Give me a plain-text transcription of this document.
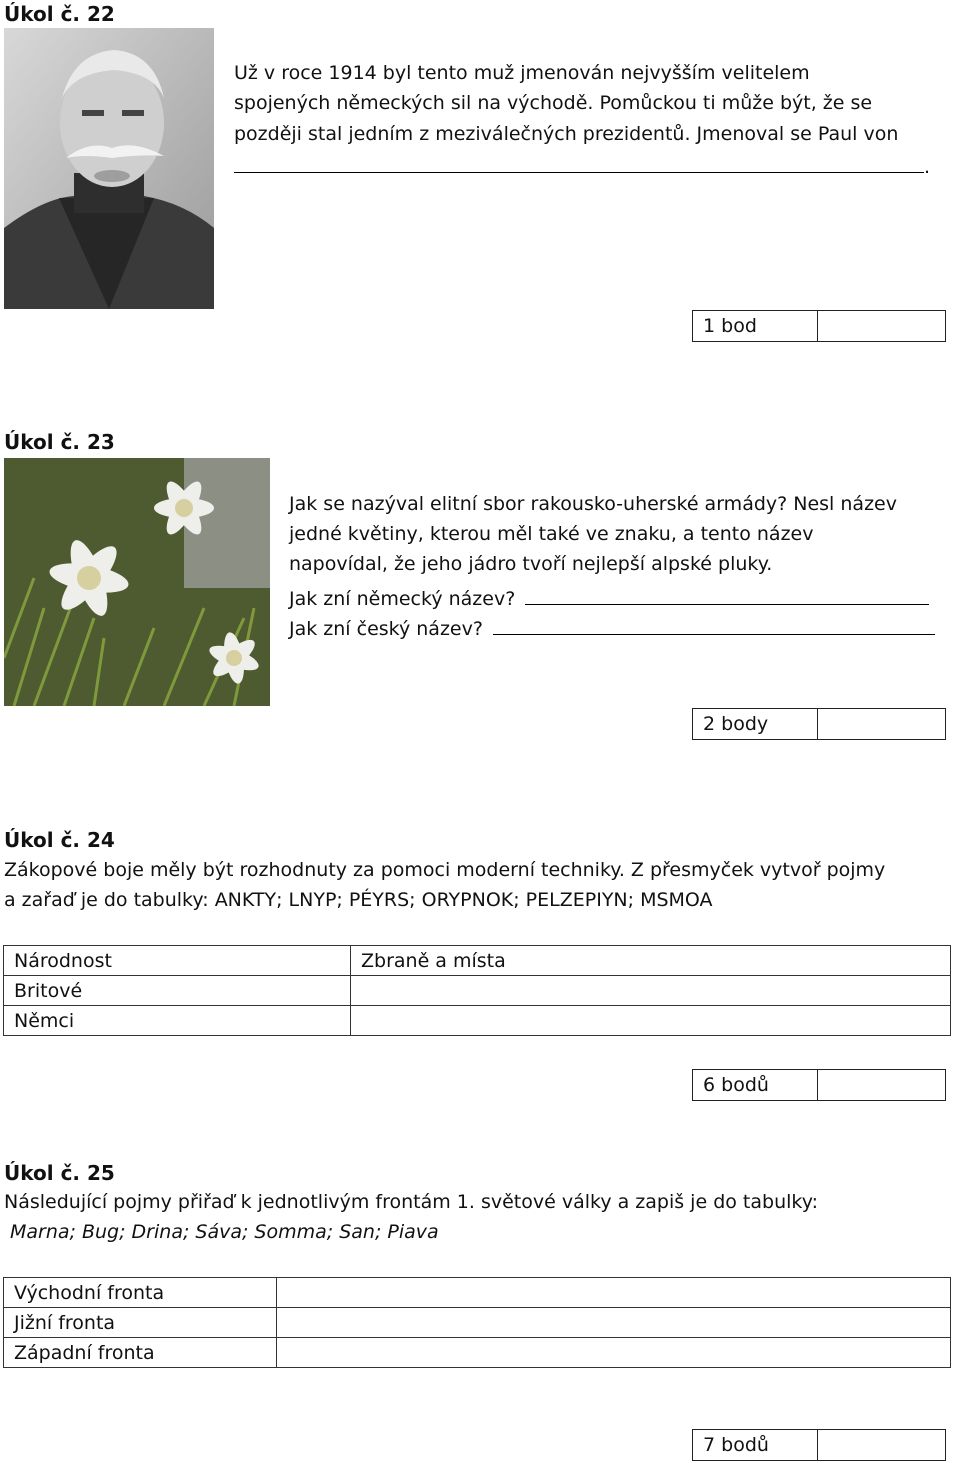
Úkol č. 22
Už v roce 1914 byl tento muž jmenován nejvyšším velitelem
spojených německých sil na východě. Pomůckou ti může být, že se
později stal jedním z meziválečných prezidentů. Jmenoval se Paul von
.
1 bod
Úkol č. 23
Jak se nazýval elitní sbor rakousko-uherské armády? Nesl název
jedné květiny, kterou měl také ve znaku, a tento název
napovídal, že jeho jádro tvoří nejlepší alpské pluky.
Jak zní německý název?
Jak zní český název?
2 body
Úkol č. 24
Zákopové boje měly být rozhodnuty za pomoci moderní techniky. Z přesmyček vytvoř pojmy
a zařaď je do tabulky: ANKTY; LNYP; PÉYRS; ORYPNOK; PELZEPIYN; MSMOA
Národnost	Zbraně a místa
Britové	
Němci	
6 bodů
Úkol č. 25
Následující pojmy přiřaď k jednotlivým frontám 1. světové války a zapiš je do tabulky:
Marna; Bug; Drina; Sáva; Somma; San; Piava
Východní fronta	
Jižní fronta	
Západní fronta	
7 bodů
